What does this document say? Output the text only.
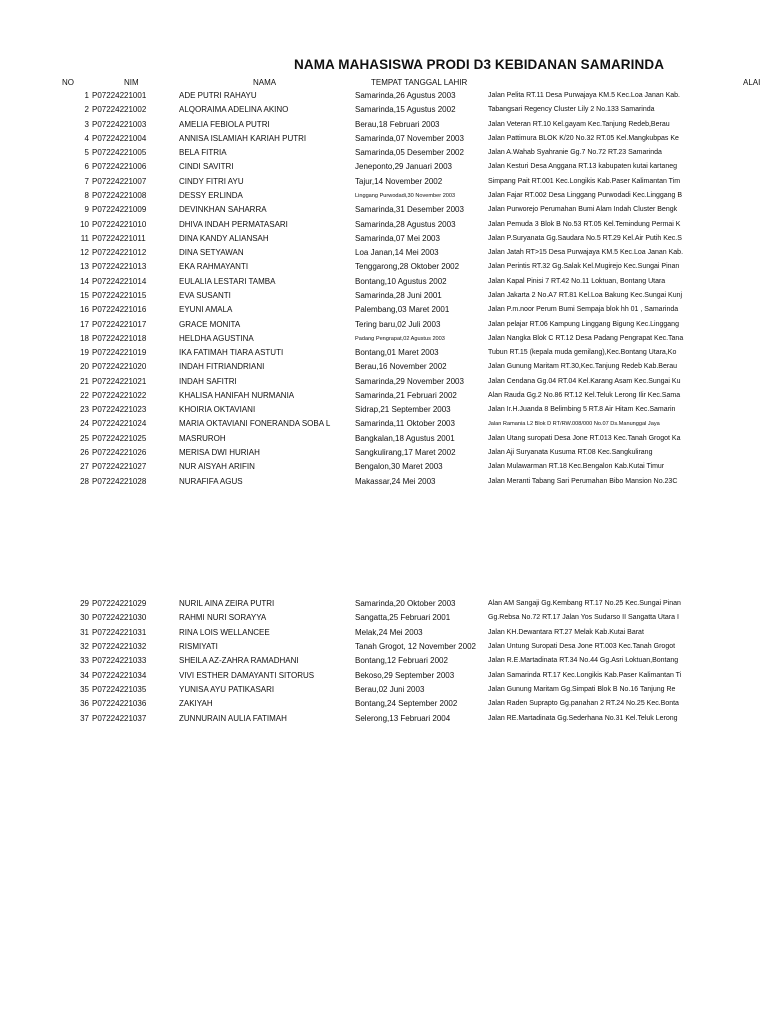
NAMA MAHASISWA PRODI D3 KEBIDANAN SAMARINDA
NO	NIM	NAMA	TEMPAT TANGGAL LAHIR	ALAI
1 P07224221001	ADE PUTRI RAHAYU	Samarinda,26 Agustus 2003	Jalan Pelita RT.11 Desa Purwajaya KM.5 Kec.Loa Janan Kab.
2 P07224221002	ALQORAIMA ADELINA AKINO	Samarinda,15 Agustus 2002	Tabangsari Regency Cluster Lily 2 No.133 Samarinda
3 P07224221003	AMELIA FEBIOLA PUTRI	Berau,18 Februari 2003	Jalan Veteran RT.10 Kel.gayam Kec.Tanjung Redeb,Berau
4 P07224221004	ANNISA ISLAMIAH KARIAH PUTRI	Samarinda,07 November 2003	Jalan Pattimura BLOK K/20 No.32 RT.05 Kel.Mangkubpas Ke
5 P07224221005	BELA FITRIA	Samarinda,05 Desember 2002	Jalan A.Wahab Syahranie Gg.7 No.72 RT.23 Samarinda
6 P07224221006	CINDI SAVITRI	Jeneponto,29 Januari 2003	Jalan Kesturi Desa Anggana RT.13 kabupaten kutai kartaneg
7 P07224221007	CINDY FITRI AYU	Tajur,14 November 2002	Simpang Pait RT.001 Kec.Longikis Kab.Paser Kalimantan Tim
8 P07224221008	DESSY ERLINDA	Linggang Purwodadi,30 November 2003	Jalan Fajar RT.002 Desa Linggang Purwodadi Kec.Linggang B
9 P07224221009	DEVINKHAN SAHARRA	Samarinda,31 Desember 2003	Jalan Purworejo Perumahan Bumi Alam Indah Cluster Bengk
10 P07224221010	DHIVA INDAH PERMATASARI	Samarinda,28 Agustus 2003	Jalan Pemuda 3 Blok B No.53 RT.05 Kel.Temindung Permai K
11 P07224221011	DINA KANDY ALIANSAH	Samarinda,07 Mei 2003	Jalan P.Suryanata Gg.Saudara No.5 RT.29 Kel.Air Putih Kec.S
12 P07224221012	DINA SETYAWAN	Loa Janan,14 Mei 2003	Jalan Jatah RT>15 Desa Purwajaya KM.5 Kec.Loa Janan Kab.
13 P07224221013	EKA RAHMAYANTI	Tenggarong,28 Oktober 2002	Jalan Perintis RT.32 Gg.Salak Kel.Mugirejo Kec.Sungai Pinan
14 P07224221014	EULALIA LESTARI TAMBA	Bontang,10 Agustus 2002	Jalan Kapal Pinisi 7 RT.42 No.11 Loktuan, Bontang Utara
15 P07224221015	EVA SUSANTI	Samarinda,28 Juni 2001	Jalan Jakarta 2 No.A7 RT.81 Kel.Loa Bakung Kec.Sungai Kunj
16 P07224221016	EYUNI AMALA	Palembang,03 Maret 2001	Jalan P.m.noor Perum Bumi Sempaja blok hh 01 , Samarinda
17 P07224221017	GRACE MONITA	Tering baru,02 Juli 2003	Jalan pelajar RT.06 Kampung Linggang Bigung Kec.Linggang
18 P07224221018	HELDHA AGUSTINA	Padang Pengrapat,02 Agustus 2003	Jalan Nangka Blok C RT.12 Desa Padang Pengrapat Kec.Tana
19 P07224221019	IKA FATIMAH TIARA ASTUTI	Bontang,01 Maret 2003	Tubun RT.15 (kepala muda gemilang),Kec.Bontang Utara,Ko
20 P07224221020	INDAH FITRIANDRIANI	Berau,16 November 2002	Jalan Gunung Maritam RT.30,Kec.Tanjung Redeb Kab.Berau
21 P07224221021	INDAH SAFITRI	Samarinda,29 November 2003	Jalan Cendana Gg.04 RT.04 Kel.Karang Asam Kec.Sungai Ku
22 P07224221022	KHALISA HANIFAH NURMANIA	Samarinda,21 Februari 2002	Alan Rauda Gg.2 No.86 RT.12 Kel.Teluk Lerong Ilir Kec.Sama
23 P07224221023	KHOIRIA OKTAVIANI	Sidrap,21 September 2003	Jalan Ir.H.Juanda 8 Belimbing 5 RT.8 Air Hitam Kec.Samarin
24 P07224221024	MARIA OKTAVIANI FONERANDA SOBA L	Samarinda,11 Oktober 2003	Jalan Ramania L2 Blok D RT/RW.008/000 No.07 Ds.Manunggal Jaya
25 P07224221025	MASRUROH	Bangkalan,18 Agustus 2001	Jalan Utang suropati Desa Jone RT.013 Kec.Tanah Grogot Ka
26 P07224221026	MERISA DWI HURIAH	Sangkulirang,17 Maret 2002	Jalan Aji Suryanata Kusuma RT.08 Kec.Sangkulirang
27 P07224221027	NUR AISYAH ARIFIN	Bengalon,30 Maret 2003	Jalan Mulawarman RT.18 Kec.Bengalon Kab.Kutai Timur
28 P07224221028	NURAFIFA AGUS	Makassar,24 Mei 2003	Jalan Meranti Tabang Sari Perumahan Bibo Mansion No.23C
29 P07224221029	NURIL AINA ZEIRA PUTRI	Samarinda,20 Oktober 2003	Alan AM Sangaji Gg.Kembang RT.17 No.25 Kec.Sungai Pinan
30 P07224221030	RAHMI NURI SORAYYA	Sangatta,25 Februari 2001	Gg.Rebsa No.72 RT.17 Jalan Yos Sudarso II Sangatta Utara I
31 P07224221031	RINA LOIS WELLANCEE	Melak,24 Mei 2003	Jalan KH.Dewantara RT.27 Melak Kab.Kutai Barat
32 P07224221032	RISMIYATI	Tanah Grogot, 12 November 2002	Jalan Untung Suropati Desa Jone RT.003 Kec.Tanah Grogot
33 P07224221033	SHEILA AZ-ZAHRA RAMADHANI	Bontang,12 Februari 2002	Jalan R.E.Martadinata RT.34 No.44 Gg.Asri Loktuan,Bontang
34 P07224221034	VIVI ESTHER DAMAYANTI SITORUS	Bekoso,29 September 2003	Jalan Samarinda RT.17 Kec.Longikis Kab.Paser Kalimantan Ti
35 P07224221035	YUNISA AYU PATIKASARI	Berau,02 Juni 2003	Jalan Gunung Maritam Gg.Simpati Blok B No.16 Tanjung Re
36 P07224221036	ZAKIYAH	Bontang,24 September 2002	Jalan Raden Suprapto Gg.panahan 2 RT.24 No.25 Kec.Bonta
37 P07224221037	ZUNNURAIN AULIA FATIMAH	Selerong,13 Februari 2004	Jalan RE.Martadinata Gg.Sederhana No.31 Kel.Teluk Lerong
